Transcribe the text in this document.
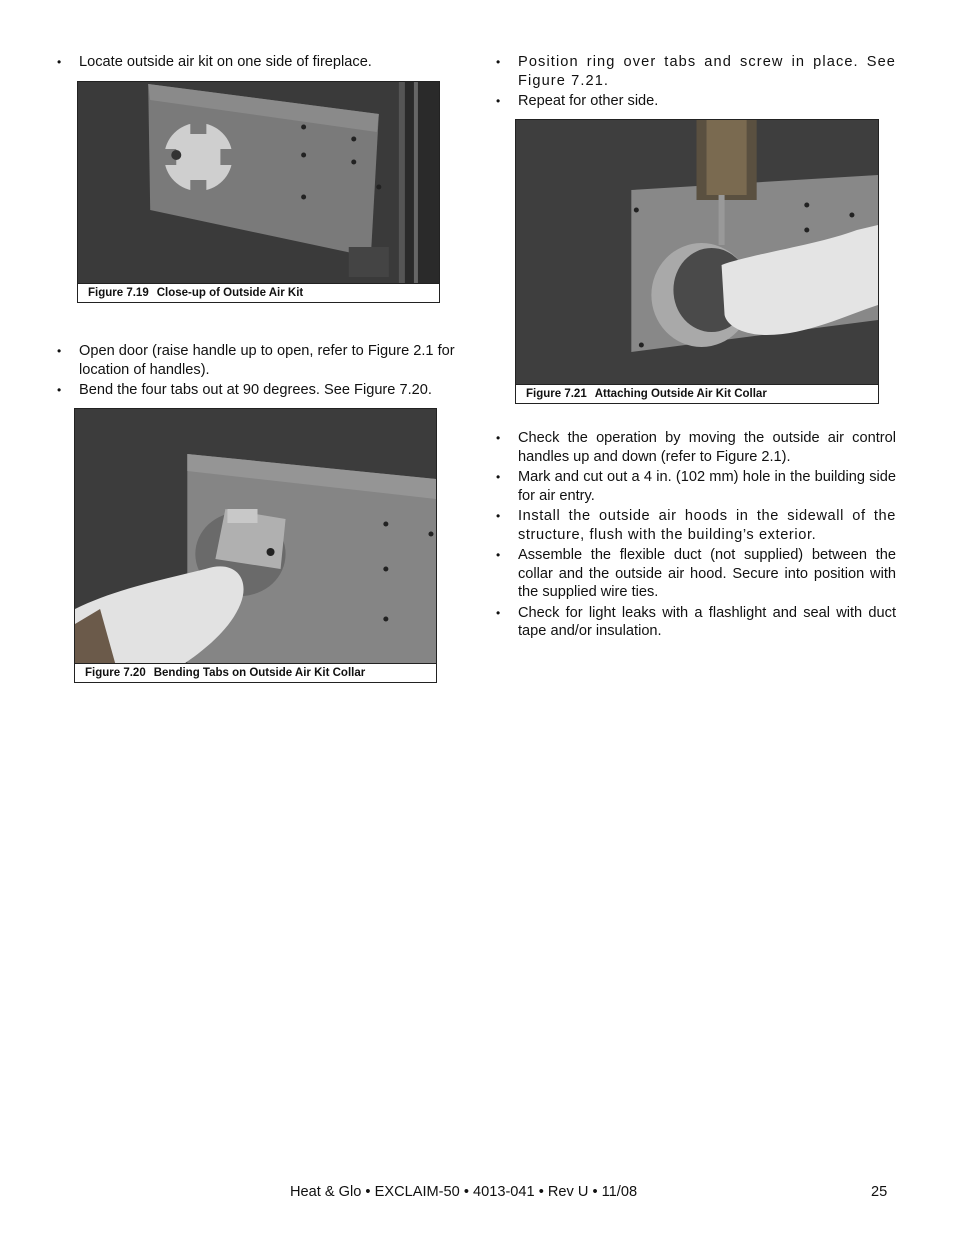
• Locate outside air kit on one side of fireplace.
Figure 7.19 Close-up of Outside Air Kit
• Open door (raise handle up to open, refer to Figure 2.1 for location of handles).
• Bend the four tabs out at 90 degrees. See Figure 7.20.
Figure 7.20 Bending Tabs on Outside Air Kit Collar
• Position ring over tabs and screw in place. See Figure 7.21.
• Repeat for other side.
Figure 7.21 Attaching Outside Air Kit Collar
• Check the operation by moving the outside air control handles up and down (refer to Figure 2.1).
• Mark and cut out a 4 in. (102 mm) hole in the building side for air entry.
• Install the outside air hoods in the sidewall of the structure, flush with the building’s exterior.
• Assemble the flexible duct (not supplied) between the collar and the outside air hood. Secure into position with the supplied wire ties.
• Check for light leaks with a flashlight and seal with duct tape and/or insulation.
Heat & Glo • EXCLAIM-50 • 4013-041 • Rev U • 11/08	25
